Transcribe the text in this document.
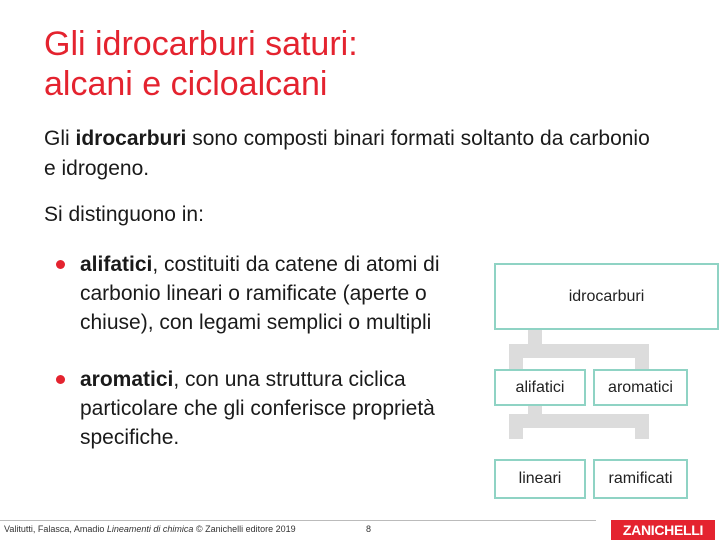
Gli idrocarburi saturi:
alcani e cicloalcani
Gli idrocarburi sono composti binari formati soltanto da carbonio e idrogeno.
Si distinguono in:
alifatici, costituiti da catene di atomi di carbonio lineari o ramificate (aperte o chiuse), con legami semplici o multipli
aromatici, con una struttura ciclica particolare che gli conferisce proprietà specifiche.
idrocarburi
alifatici	aromatici
lineari	ramificati
Valitutti, Falasca, Amadio Lineamenti di chimica © Zanichelli editore 2019	8	ZANICHELLI
